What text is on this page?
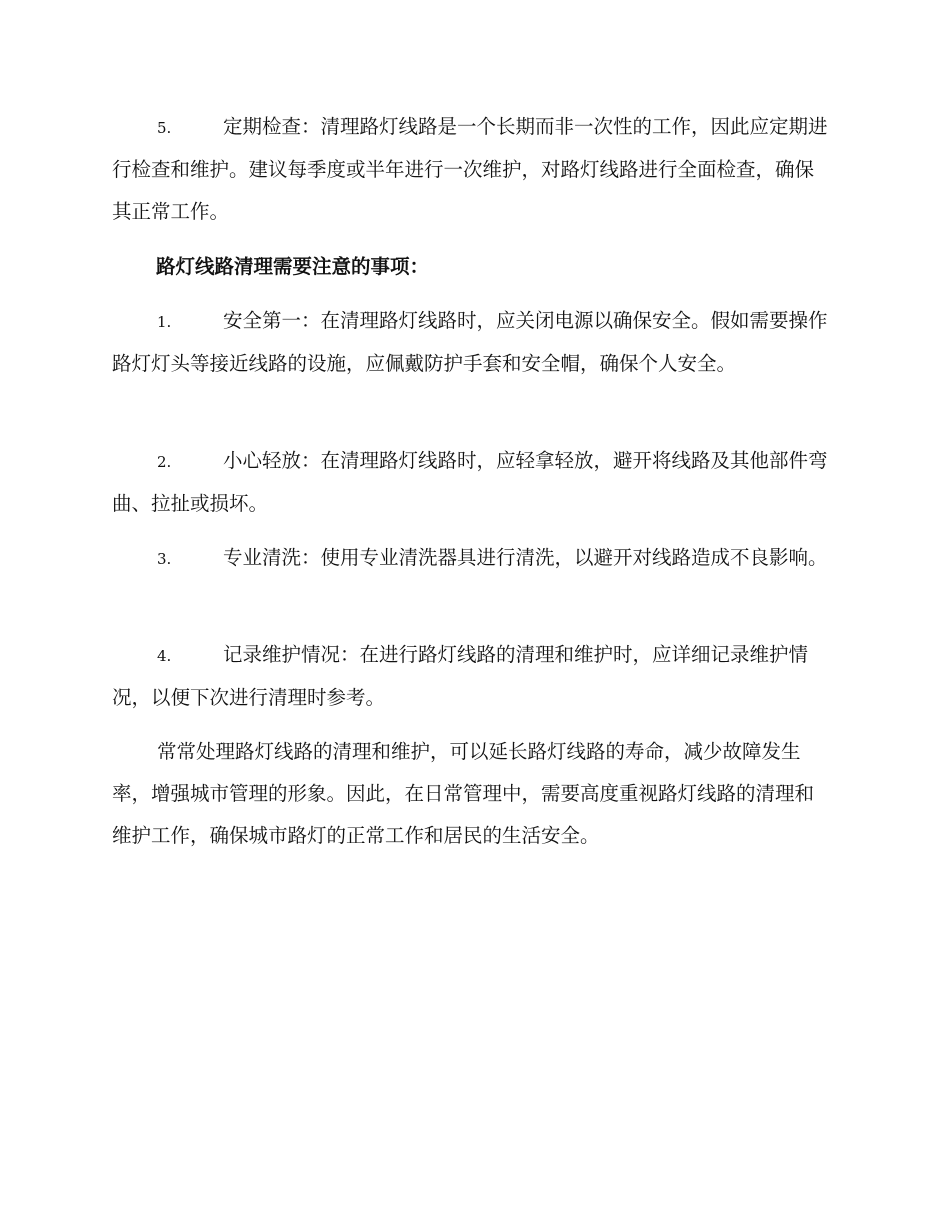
5.	定期检查：清理路灯线路是一个长期而非一次性的工作，因此应定期进行检查和维护。建议每季度或半年进行一次维护，对路灯线路进行全面检查，确保其正常工作。

路灯线路清理需要注意的事项：

1.	安全第一：在清理路灯线路时，应关闭电源以确保安全。假如需要操作路灯灯头等接近线路的设施，应佩戴防护手套和安全帽，确保个人安全。

2.	小心轻放：在清理路灯线路时，应轻拿轻放，避开将线路及其他部件弯曲、拉扯或损坏。

3.	专业清洗：使用专业清洗器具进行清洗，以避开对线路造成不良影响。

4.	记录维护情况：在进行路灯线路的清理和维护时，应详细记录维护情况，以便下次进行清理时参考。

常常处理路灯线路的清理和维护，可以延长路灯线路的寿命，减少故障发生率，增强城市管理的形象。因此，在日常管理中，需要高度重视路灯线路的清理和维护工作，确保城市路灯的正常工作和居民的生活安全。
